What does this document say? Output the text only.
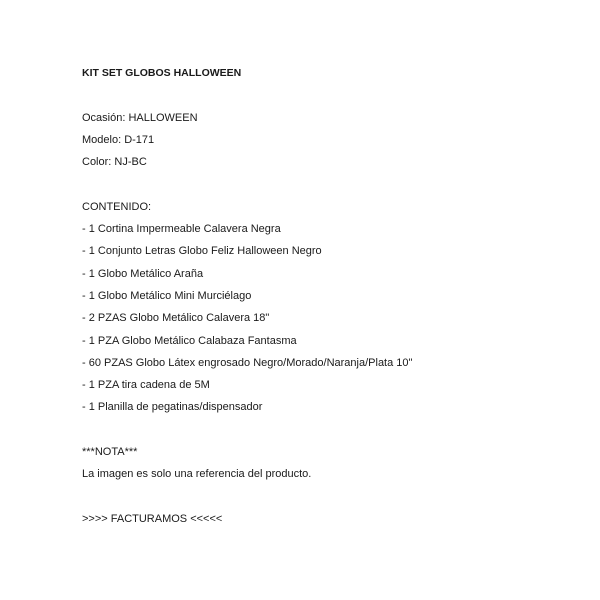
KIT SET GLOBOS HALLOWEEN
Ocasión: HALLOWEEN
Modelo: D-171
Color: NJ-BC
CONTENIDO:
- 1 Cortina Impermeable Calavera Negra
- 1 Conjunto Letras Globo Feliz Halloween Negro
- 1 Globo Metálico Araña
- 1 Globo Metálico Mini Murciélago
- 2 PZAS Globo Metálico Calavera 18"
- 1 PZA Globo Metálico Calabaza Fantasma
- 60 PZAS Globo Látex engrosado Negro/Morado/Naranja/Plata 10"
- 1 PZA tira cadena de 5M
- 1 Planilla de pegatinas/dispensador
***NOTA***
La imagen es solo una referencia del producto.
>>>> FACTURAMOS <<<<<
